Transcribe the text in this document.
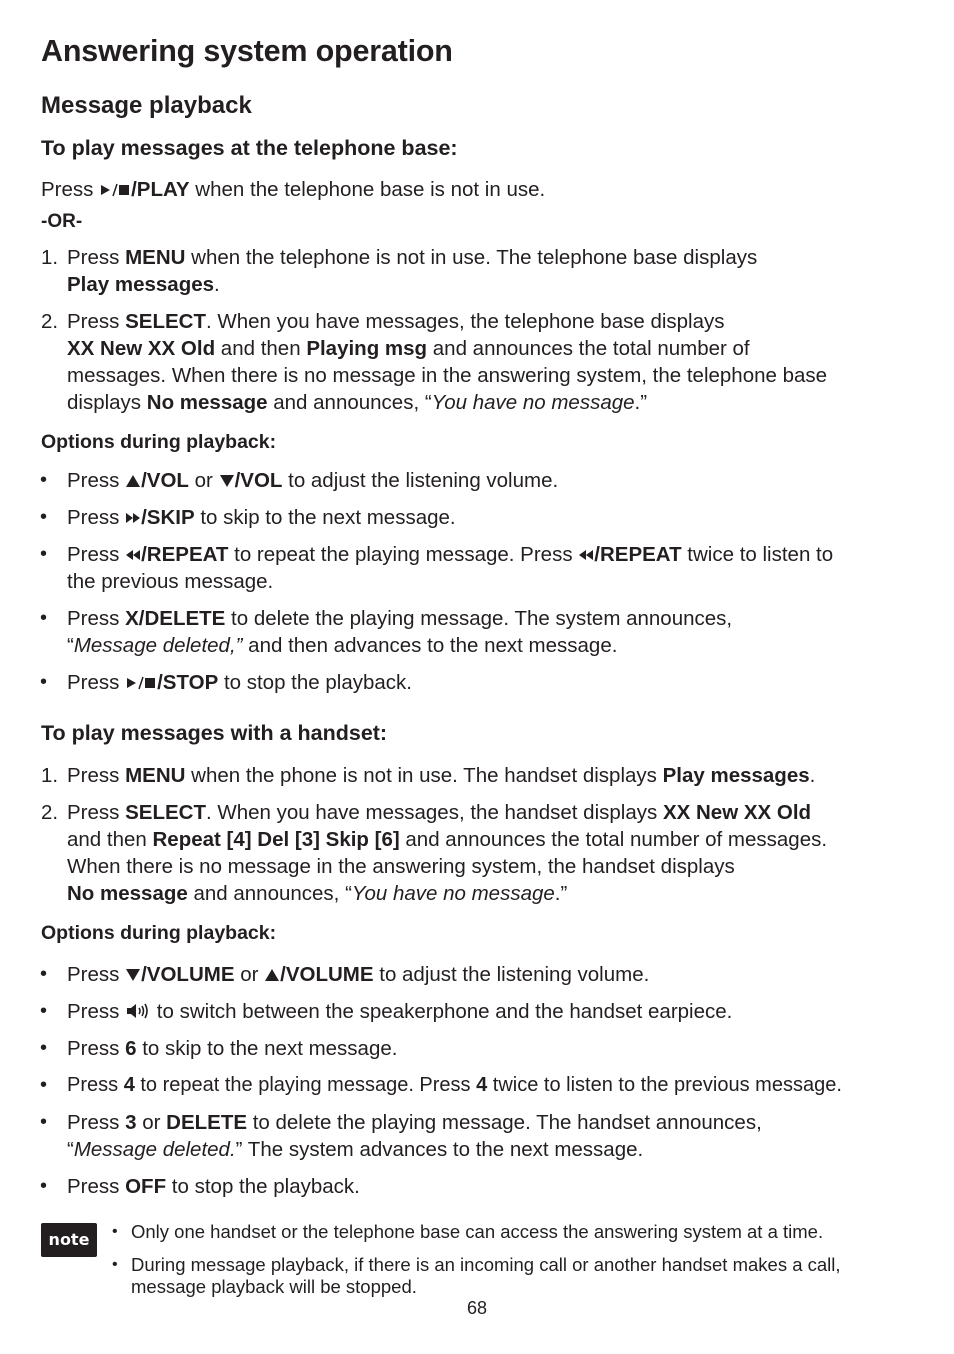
Answering system operation
Message playback
To play messages at the telephone base:
Press /PLAY when the telephone base is not in use.
-OR-
1. Press MENU when the telephone is not in use. The telephone base displays
Play messages.
2. Press SELECT. When you have messages, the telephone base displays
XX New XX Old and then Playing msg and announces the total number of
messages. When there is no message in the answering system, the telephone base
displays No message and announces, “You have no message.”
Options during playback:
• Press /VOL or /VOL to adjust the listening volume.
• Press /SKIP to skip to the next message.
• Press /REPEAT to repeat the playing message. Press /REPEAT twice to listen to
the previous message.
• Press X/DELETE to delete the playing message. The system announces,
“Message deleted,” and then advances to the next message.
• Press /STOP to stop the playback.
To play messages with a handset:
1. Press MENU when the phone is not in use. The handset displays Play messages.
2. Press SELECT. When you have messages, the handset displays XX New XX Old
and then Repeat [4] Del [3] Skip [6] and announces the total number of messages.
When there is no message in the answering system, the handset displays
No message and announces, “You have no message.”
Options during playback:
• Press /VOLUME or /VOLUME to adjust the listening volume.
• Press  to switch between the speakerphone and the handset earpiece.
• Press 6 to skip to the next message.
• Press 4 to repeat the playing message. Press 4 twice to listen to the previous message.
• Press 3 or DELETE to delete the playing message. The handset announces,
“Message deleted.” The system advances to the next message.
• Press OFF to stop the playback.
note	• Only one handset or the telephone base can access the answering system at a time.
• During message playback, if there is an incoming call or another handset makes a call,
message playback will be stopped.
68
